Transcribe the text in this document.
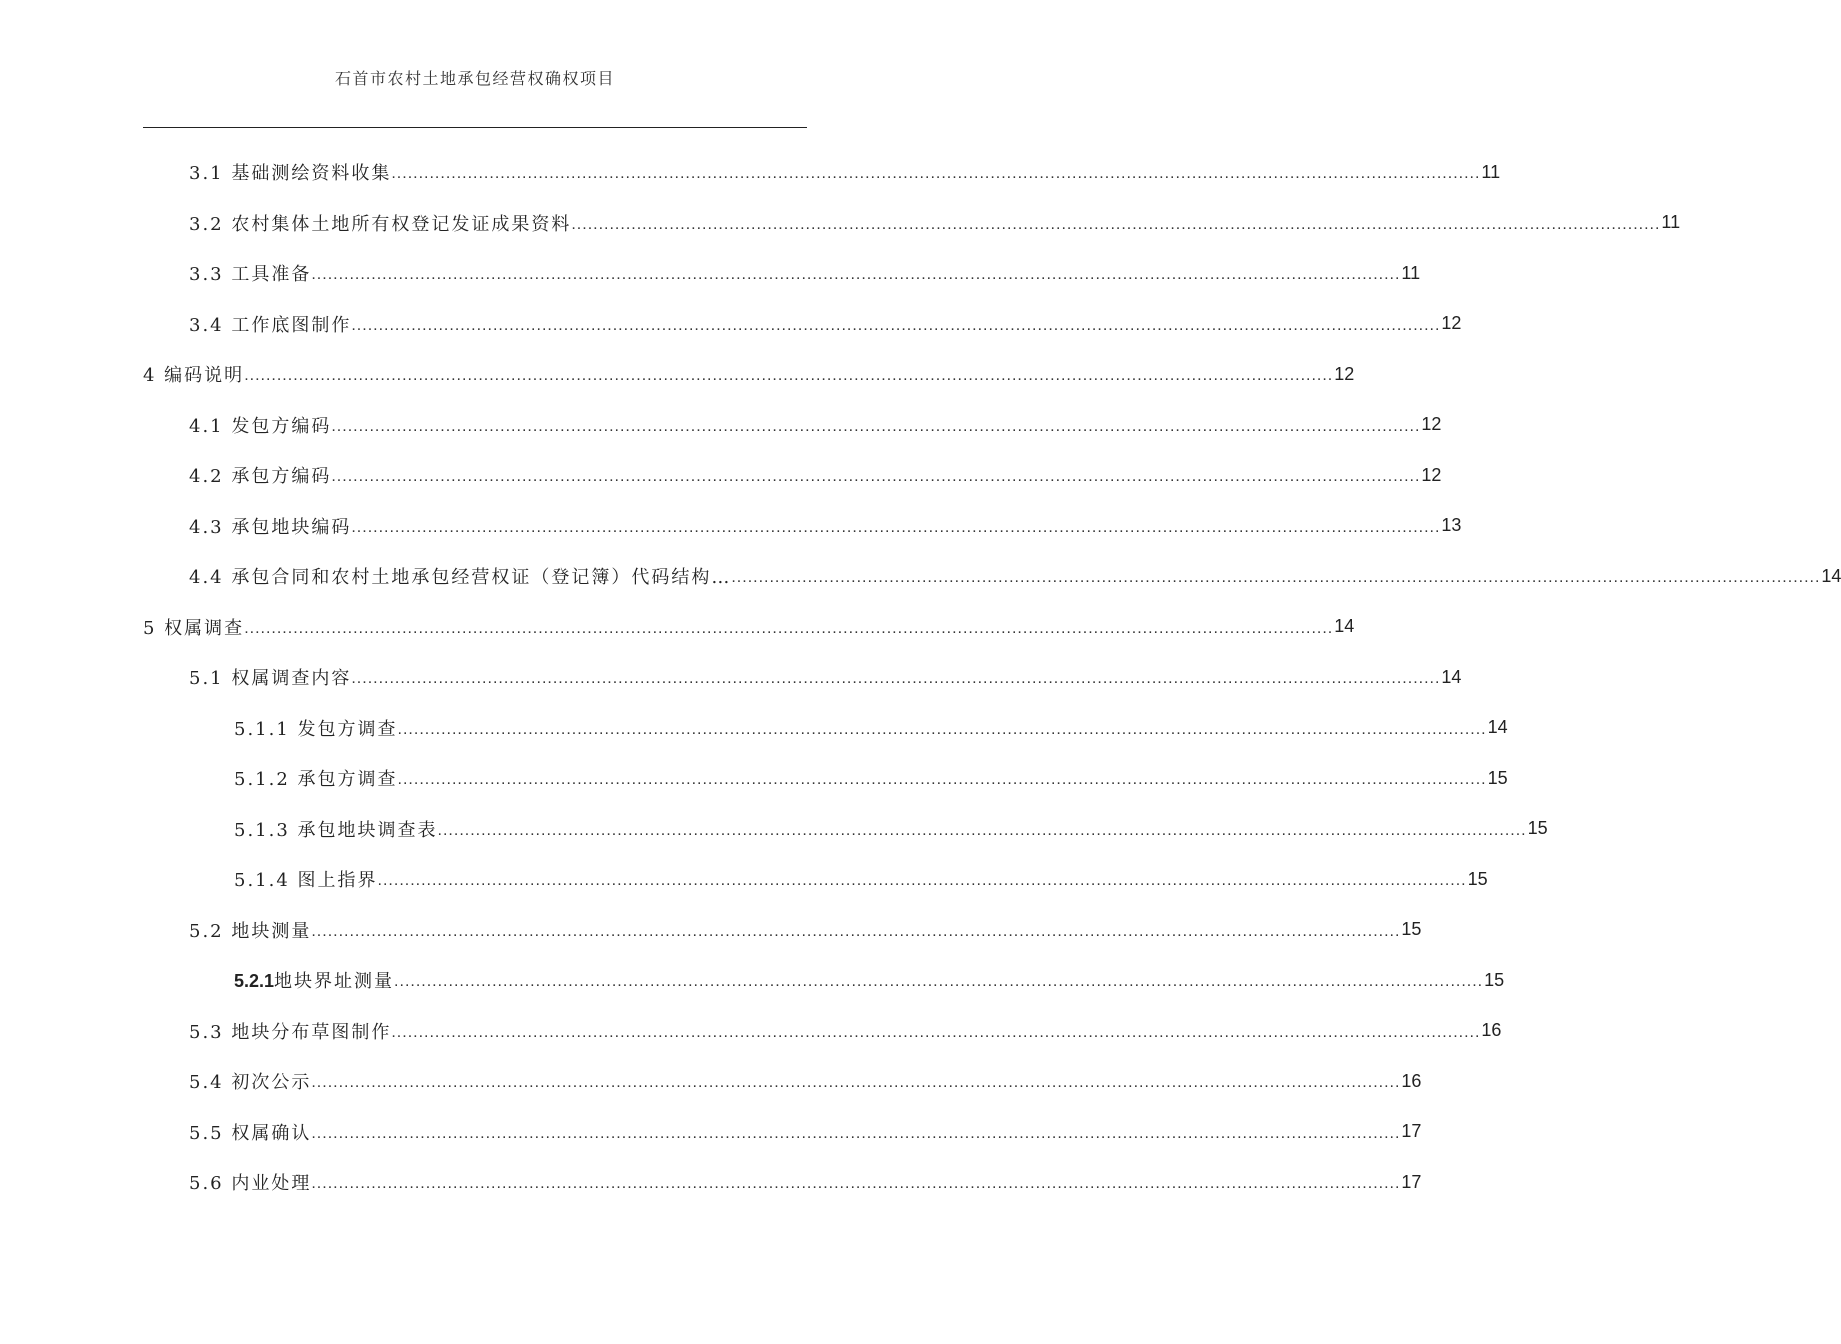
石首市农村土地承包经营权确权项目
3.1 基础测绘资料收集 ........................................................................................................................................................................................................ 11
3.2 农村集体土地所有权登记发证成果资料 ........................................................................................................................................................................................................ 11
3.3 工具准备 ........................................................................................................................................................................................................ 11
3.4 工作底图制作 ........................................................................................................................................................................................................ 12
4 编码说明 ........................................................................................................................................................................................................ 12
4.1 发包方编码 ........................................................................................................................................................................................................ 12
4.2 承包方编码 ........................................................................................................................................................................................................ 12
4.3 承包地块编码 ........................................................................................................................................................................................................ 13
4.4 承包合同和农村土地承包经营权证（登记簿）代码结构… ........................................................................................................................................................................................................ 14
5 权属调查 ........................................................................................................................................................................................................ 14
5.1 权属调查内容 ........................................................................................................................................................................................................ 14
5.1.1 发包方调查 ........................................................................................................................................................................................................ 14
5.1.2 承包方调查 ........................................................................................................................................................................................................ 15
5.1.3 承包地块调查表 ........................................................................................................................................................................................................ 15
5.1.4 图上指界 ........................................................................................................................................................................................................ 15
5.2 地块测量 ........................................................................................................................................................................................................ 15
5.2.1地块界址测量 ........................................................................................................................................................................................................ 15
5.3 地块分布草图制作 ........................................................................................................................................................................................................ 16
5.4 初次公示 ........................................................................................................................................................................................................ 16
5.5 权属确认 ........................................................................................................................................................................................................ 17
5.6 内业处理 ........................................................................................................................................................................................................ 17
